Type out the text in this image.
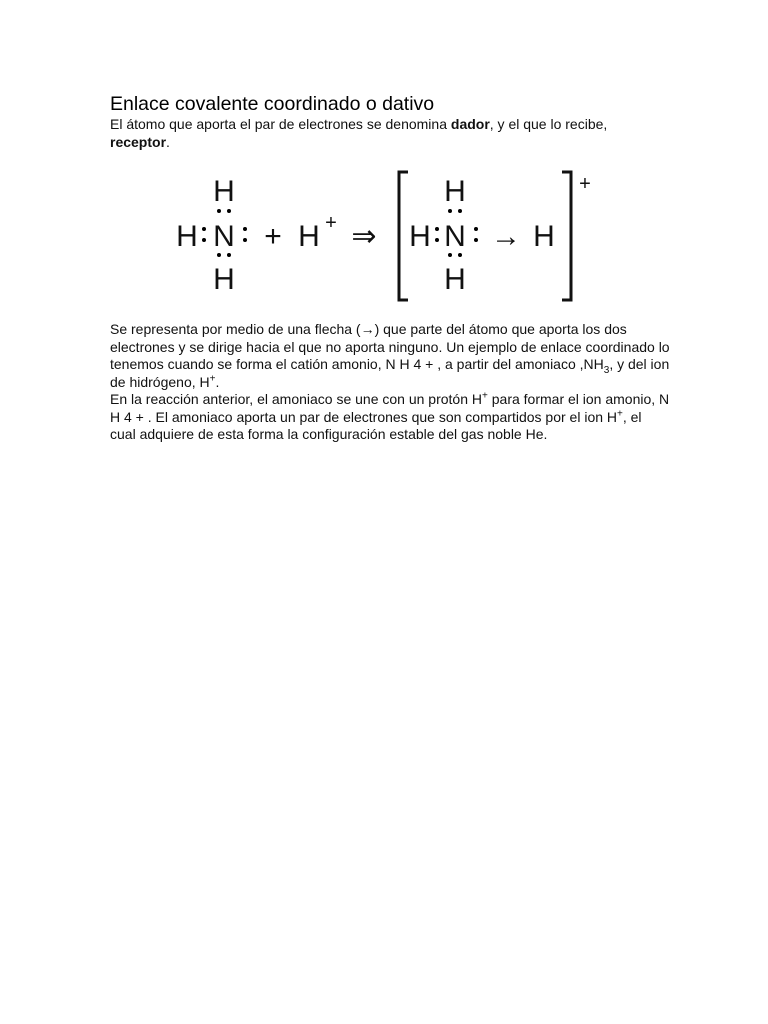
Enlace covalente coordinado o dativo

El átomo que aporta el par de electrones se denomina dador, y el que lo recibe, receptor.

H
H N
H
+ H + ⇒
H
H N
H
→ H
+

Se representa por medio de una flecha (→) que parte del átomo que aporta los dos electrones y se dirige hacia el que no aporta ninguno. Un ejemplo de enlace coordinado lo tenemos cuando se forma el catión amonio, N H 4 + , a partir del amoniaco $,NH_3$, y del ion de hidrógeno, H+.

En la reacción anterior, el amoniaco se une con un protón H+ para formar el ion amonio, N H 4 + . El amoniaco aporta un par de electrones que son compartidos por el ion H+, el cual adquiere de esta forma la configuración estable del gas noble He.
